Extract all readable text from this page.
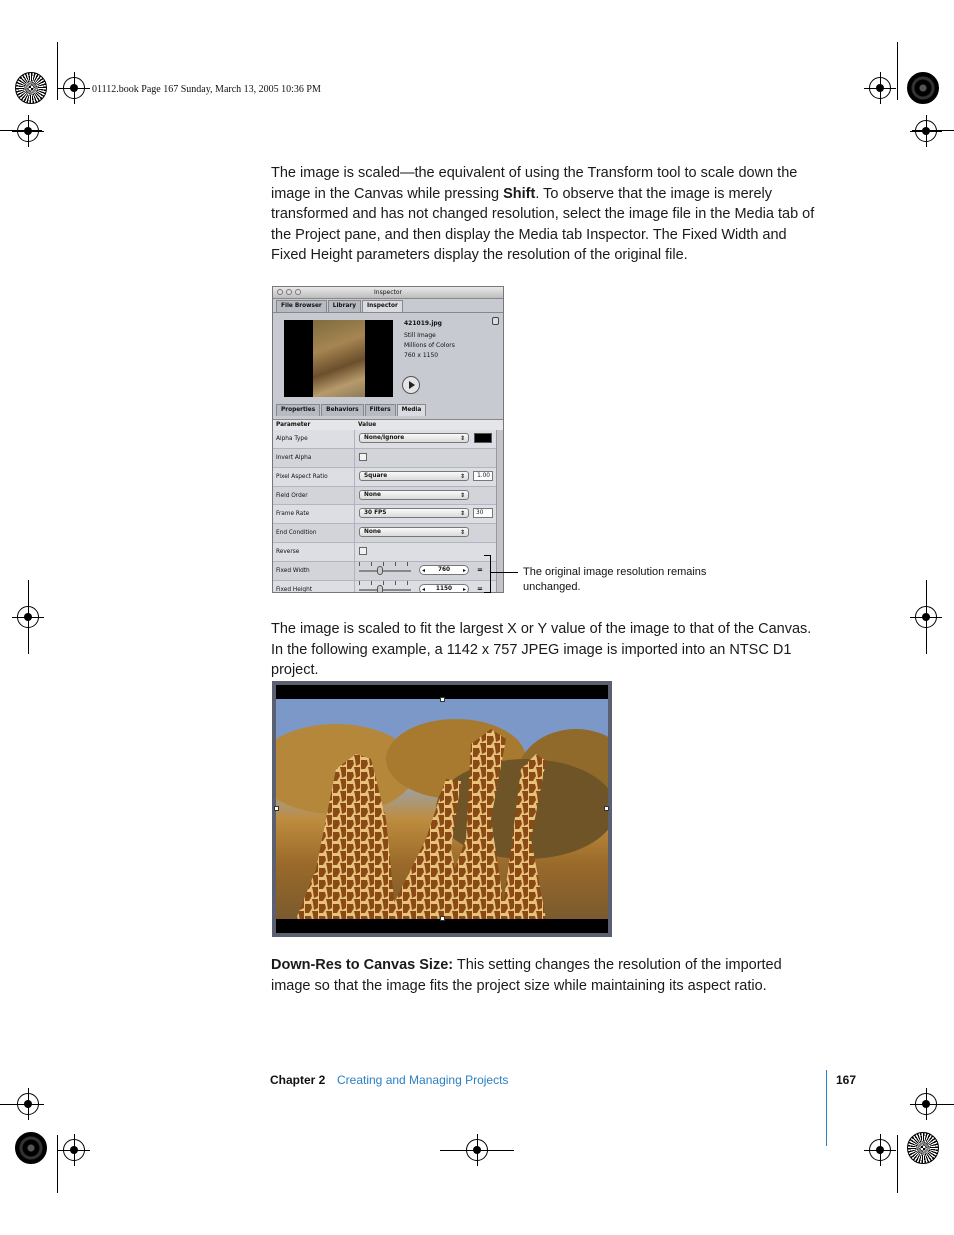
01112.book Page 167 Sunday, March 13, 2005 10:36 PM
The image is scaled—the equivalent of using the Transform tool to scale down the image in the Canvas while pressing Shift. To observe that the image is merely transformed and has not changed resolution, select the image file in the Media tab of the Project pane, and then display the Media tab Inspector. The Fixed Width and Fixed Height parameters display the resolution of the original file.
Inspector
File Browser	Library	Inspector
421019.jpg
Still Image
Millions of Colors
760 x 1150
Properties	Behaviors	Filters	Media
Parameter	Value
Alpha Type	None/Ignore ⇕
Invert Alpha
Pixel Aspect Ratio	Square ⇕	1.00
Field Order	None ⇕
Frame Rate	30 FPS ⇕	30
End Condition	None ⇕
Reverse
Fixed Width	◂ 760 ▸	=
Fixed Height	◂ 1150 ▸	=
The original image resolution remains unchanged.
The image is scaled to fit the largest X or Y value of the image to that of the Canvas. In the following example, a 1142 x 757 JPEG image is imported into an NTSC D1 project.
Down-Res to Canvas Size: This setting changes the resolution of the imported image so that the image fits the project size while maintaining its aspect ratio.
Chapter 2 Creating and Managing Projects	167
